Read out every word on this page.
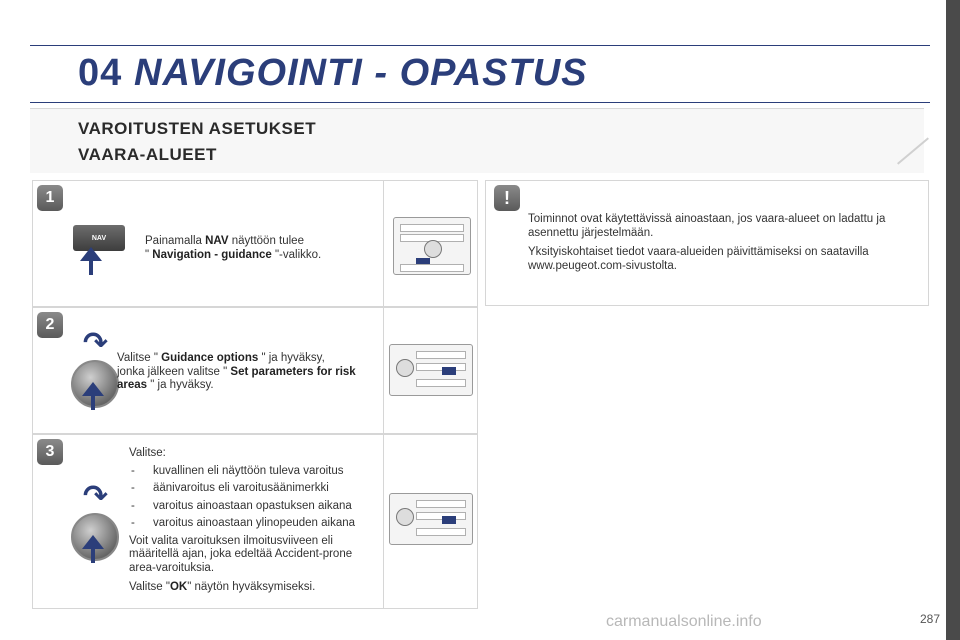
04 NAVIGOINTI - OPASTUS
VAROITUSTEN ASETUKSET
VAARA-ALUEET
1
NAV	Painamalla NAV näyttöön tulee
" Navigation - guidance "-valikko.
2
↷ Valitse " Guidance options " ja hyväksy,
jonka jälkeen valitse " Set parameters for risk areas " ja hyväksy.
3
↷
Valitse:
- kuvallinen eli näyttöön tuleva varoitus
- äänivaroitus eli varoitusäänimerkki
- varoitus ainoastaan opastuksen aikana
- varoitus ainoastaan ylinopeuden aikana
Voit valita varoituksen ilmoitusviiveen eli määritellä ajan, joka edeltää Accident-prone area-varoituksia.
Valitse "OK" näytön hyväksymiseksi.
!

Toiminnot ovat käytettävissä ainoastaan, jos vaara-alueet on ladattu ja asennettu järjestelmään.

Yksityiskohtaiset tiedot vaara-alueiden päivittämiseksi on saatavilla www.peugeot.com-sivustolta.

carmanualsonline.info	287
